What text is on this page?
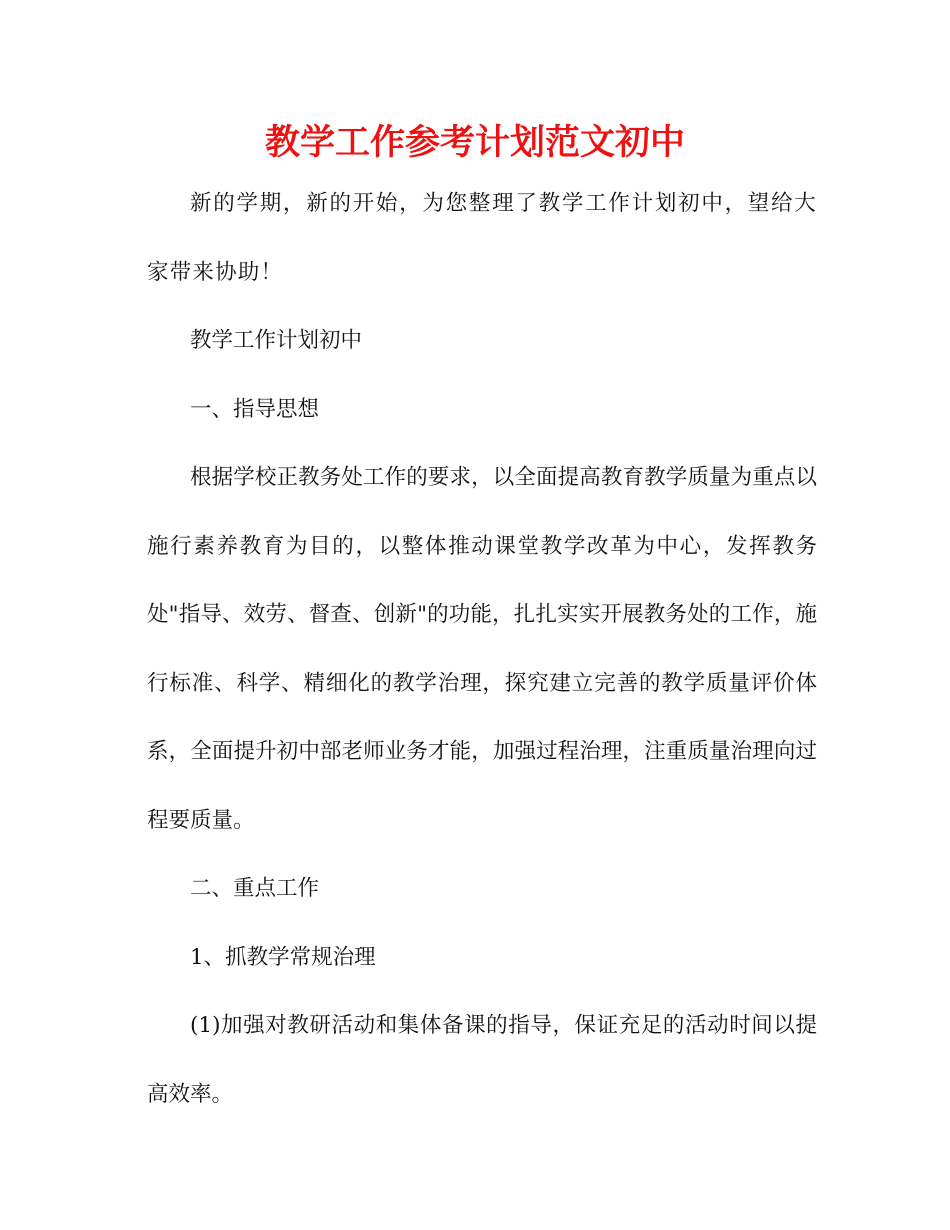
教学工作参考计划范文初中

新的学期，新的开始，为您整理了教学工作计划初中，望给大家带来协助！

教学工作计划初中

一、指导思想

根据学校正教务处工作的要求，以全面提高教育教学质量为重点以施行素养教育为目的，以整体推动课堂教学改革为中心，发挥教务处"指导、效劳、督查、创新"的功能，扎扎实实开展教务处的工作，施行标准、科学、精细化的教学治理，探究建立完善的教学质量评价体系，全面提升初中部老师业务才能，加强过程治理，注重质量治理向过程要质量。

二、重点工作

1、抓教学常规治理

(1)加强对教研活动和集体备课的指导，保证充足的活动时间以提高效率。
